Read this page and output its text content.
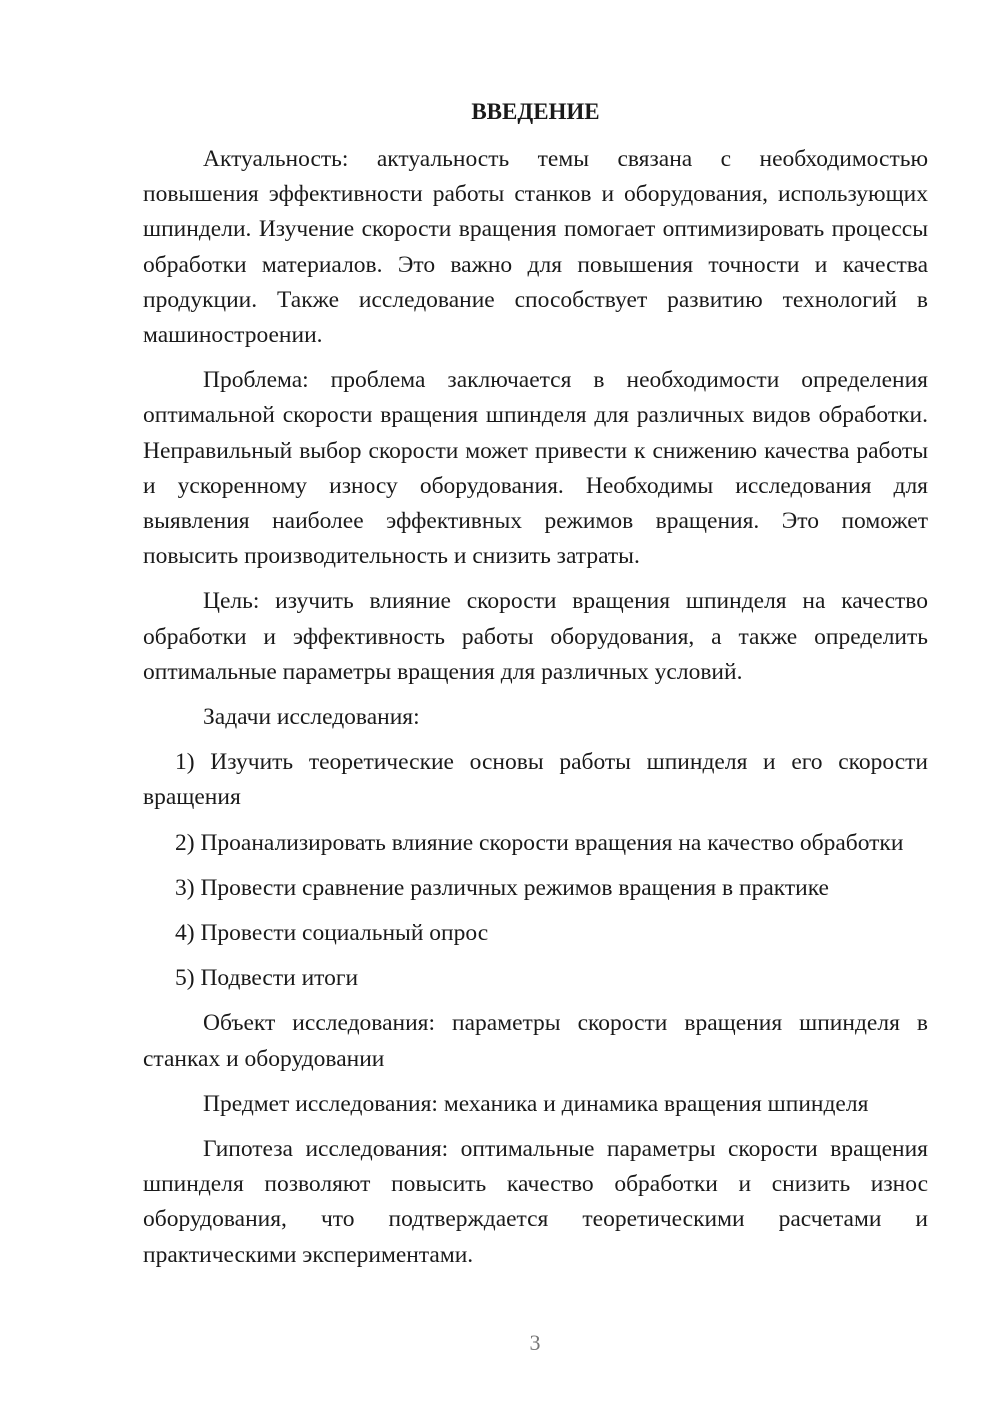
ВВЕДЕНИЕ

Актуальность: актуальность темы связана с необходимостью повышения эффективности работы станков и оборудования, использующих шпиндели. Изучение скорости вращения помогает оптимизировать процессы обработки материалов. Это важно для повышения точности и качества продукции. Также исследование способствует развитию технологий в машиностроении.

Проблема: проблема заключается в необходимости определения оптимальной скорости вращения шпинделя для различных видов обработки. Неправильный выбор скорости может привести к снижению качества работы и ускоренному износу оборудования. Необходимы исследования для выявления наиболее эффективных режимов вращения. Это поможет повысить производительность и снизить затраты.

Цель: изучить влияние скорости вращения шпинделя на качество обработки и эффективность работы оборудования, а также определить оптимальные параметры вращения для различных условий.

Задачи исследования:

1) Изучить теоретические основы работы шпинделя и его скорости вращения

2) Проанализировать влияние скорости вращения на качество обработки

3) Провести сравнение различных режимов вращения в практике

4) Провести социальный опрос

5) Подвести итоги

Объект исследования: параметры скорости вращения шпинделя в станках и оборудовании

Предмет исследования: механика и динамика вращения шпинделя

Гипотеза исследования: оптимальные параметры скорости вращения шпинделя позволяют повысить качество обработки и снизить износ оборудования, что подтверждается теоретическими расчетами и практическими экспериментами.

3
